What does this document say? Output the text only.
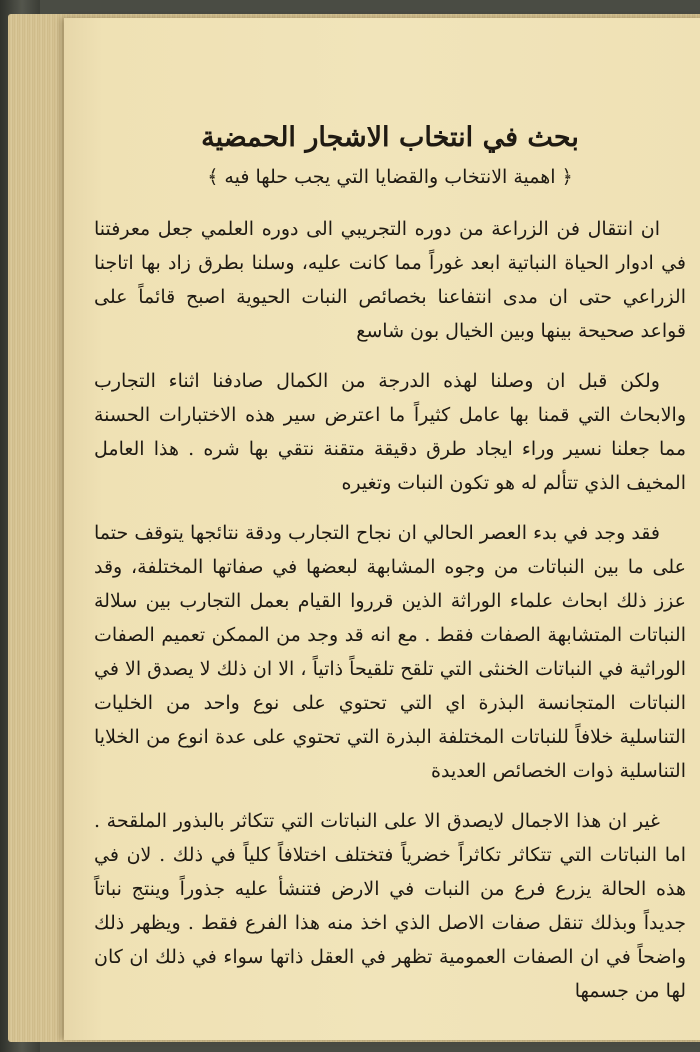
بحث في انتخاب الاشجار الحمضية
﴿ اهمية الانتخاب والقضايا التي يجب حلها فيه ﴾

ان انتقال فن الزراعة من دوره التجريبي الى دوره العلمي جعل معرفتنا في ادوار الحياة النباتية ابعد غوراً مما كانت عليه، وسلنا بطرق زاد بها اتاجنا الزراعي حتى ان مدى انتفاعنا بخصائص النبات الحيوية اصبح قائماً على قواعد صحيحة بينها وبين الخيال بون شاسع

ولكن قبل ان وصلنا لهذه الدرجة من الكمال صادفنا اثناء التجارب والابحاث التي قمنا بها عامل كثيراً ما اعترض سير هذه الاختبارات الحسنة مما جعلنا نسير وراء ايجاد طرق دقيقة متقنة نتقي بها شره . هذا العامل المخيف الذي تتألم له هو تكون النبات وتغيره

فقد وجد في بدء العصر الحالي ان نجاح التجارب ودقة نتائجها يتوقف حتما على ما بين النباتات من وجوه المشابهة لبعضها في صفاتها المختلفة، وقد عزز ذلك ابحاث علماء الوراثة الذين قرروا القيام بعمل التجارب بين سلالة النباتات المتشابهة الصفات فقط . مع انه قد وجد من الممكن تعميم الصفات الوراثية في النباتات الخنثى التي تلقح تلقيحاً ذاتياً ، الا ان ذلك لا يصدق الا في النباتات المتجانسة البذرة اي التي تحتوي على نوع واحد من الخليات التناسلية خلافاً للنباتات المختلفة البذرة التي تحتوي على عدة انوع من الخلايا التناسلية ذوات الخصائص العديدة

غير ان هذا الاجمال لايصدق الا على النباتات التي تتكاثر بالبذور الملقحة . اما النباتات التي تتكاثر تكاثراً خضرياً فتختلف اختلافاً كلياً في ذلك . لان في هذه الحالة يزرع فرع من النبات في الارض فتنشأ عليه جذوراً وينتج نباتاً جديداً وبذلك تنقل صفات الاصل الذي اخذ منه هذا الفرع فقط . ويظهر ذلك واضحاً في ان الصفات العمومية تظهر في العقل ذاتها سواء في ذلك ان كان لها من جسمها
